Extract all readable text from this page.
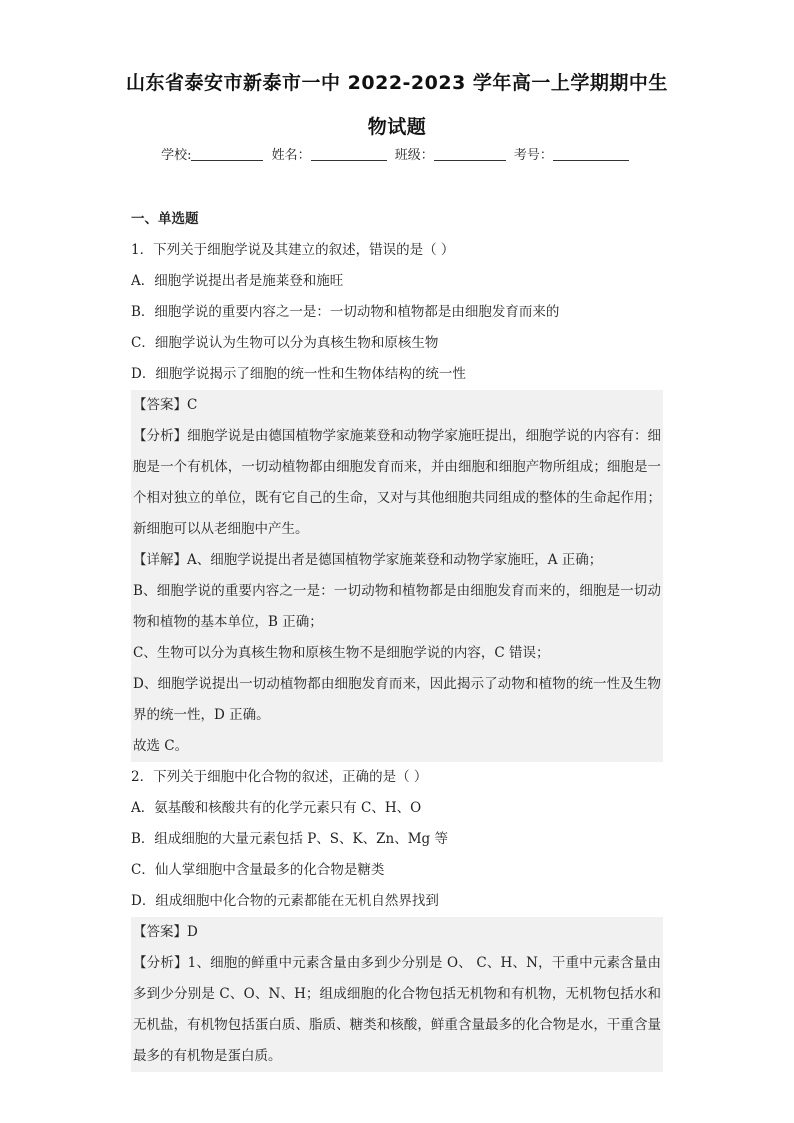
山东省泰安市新泰市一中 2022-2023 学年高一上学期期中生
物试题
学校:	姓名：	班级：	考号：
一、单选题
1．下列关于细胞学说及其建立的叙述，错误的是（ ）
A．细胞学说提出者是施莱登和施旺
B．细胞学说的重要内容之一是：一切动物和植物都是由细胞发育而来的
C．细胞学说认为生物可以分为真核生物和原核生物
D．细胞学说揭示了细胞的统一性和生物体结构的统一性
【答案】C
【分析】细胞学说是由德国植物学家施莱登和动物学家施旺提出，细胞学说的内容有：细胞是一个有机体，一切动植物都由细胞发育而来，并由细胞和细胞产物所组成；细胞是一个相对独立的单位，既有它自己的生命，又对与其他细胞共同组成的整体的生命起作用；新细胞可以从老细胞中产生。
【详解】A、细胞学说提出者是德国植物学家施莱登和动物学家施旺，A 正确；
B、细胞学说的重要内容之一是：一切动物和植物都是由细胞发育而来的，细胞是一切动物和植物的基本单位，B 正确；
C、生物可以分为真核生物和原核生物不是细胞学说的内容，C 错误；
D、细胞学说提出一切动植物都由细胞发育而来，因此揭示了动物和植物的统一性及生物界的统一性，D 正确。
故选 C。
2．下列关于细胞中化合物的叙述，正确的是（ ）
A．氨基酸和核酸共有的化学元素只有 C、H、O
B．组成细胞的大量元素包括 P、S、K、Zn、Mg 等
C．仙人掌细胞中含量最多的化合物是糖类
D．组成细胞中化合物的元素都能在无机自然界找到
【答案】D
【分析】1、细胞的鲜重中元素含量由多到少分别是 O、 C、H、N，干重中元素含量由多到少分别是 C、O、N、H；组成细胞的化合物包括无机物和有机物，无机物包括水和无机盐，有机物包括蛋白质、脂质、糖类和核酸，鲜重含量最多的化合物是水，干重含量最多的有机物是蛋白质。
